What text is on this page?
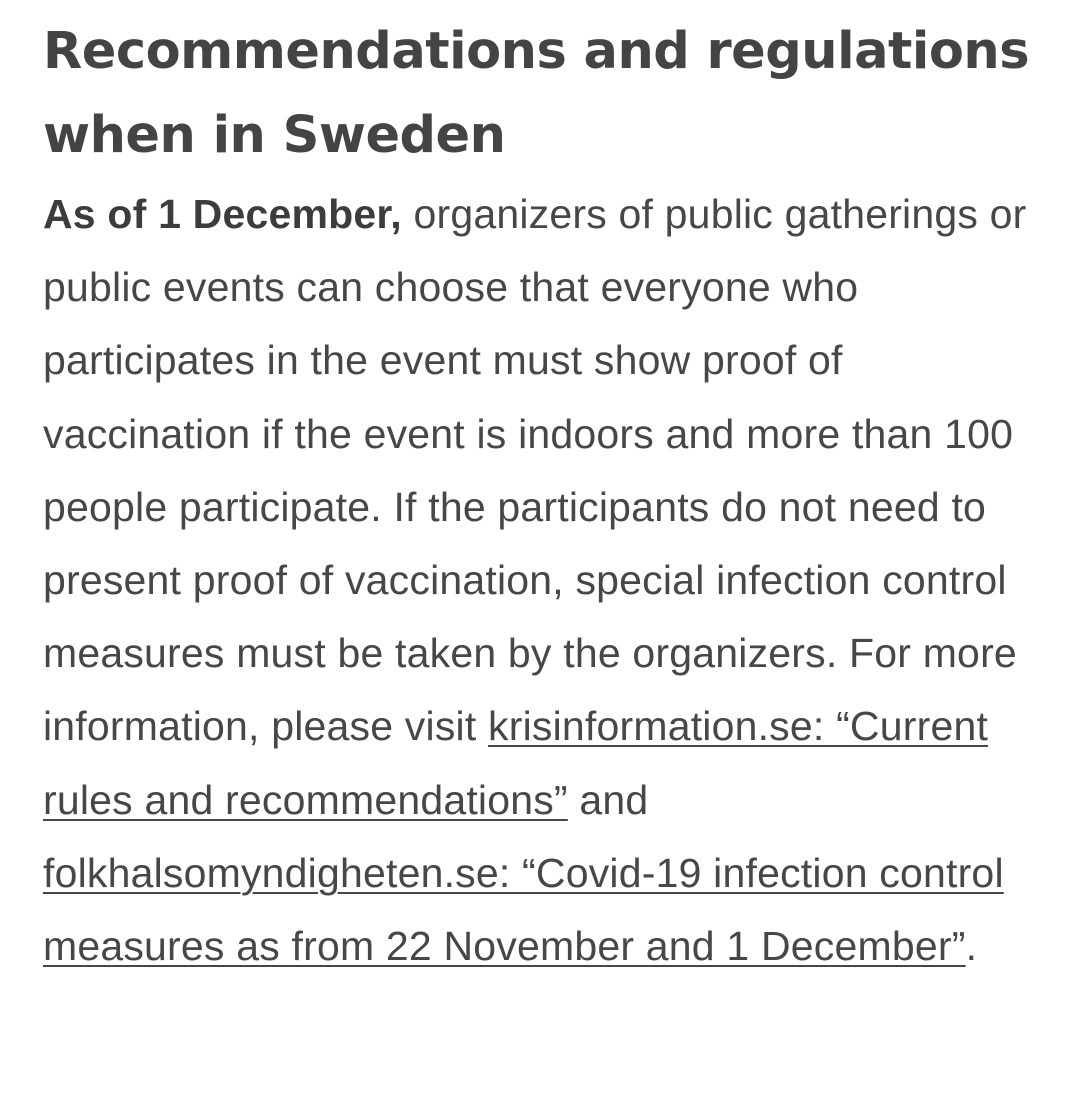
Recommendations and regulations when in Sweden

As of 1 December, organizers of public gatherings or public events can choose that everyone who participates in the event must show proof of vaccination if the event is indoors and more than 100 people participate. If the participants do not need to present proof of vaccination, special infection control measures must be taken by the organizers. For more information, please visit krisinformation.se: “Current rules and recommendations” and folkhalsomyndigheten.se: “Covid-19 infection control measures as from 22 November and 1 December”.
